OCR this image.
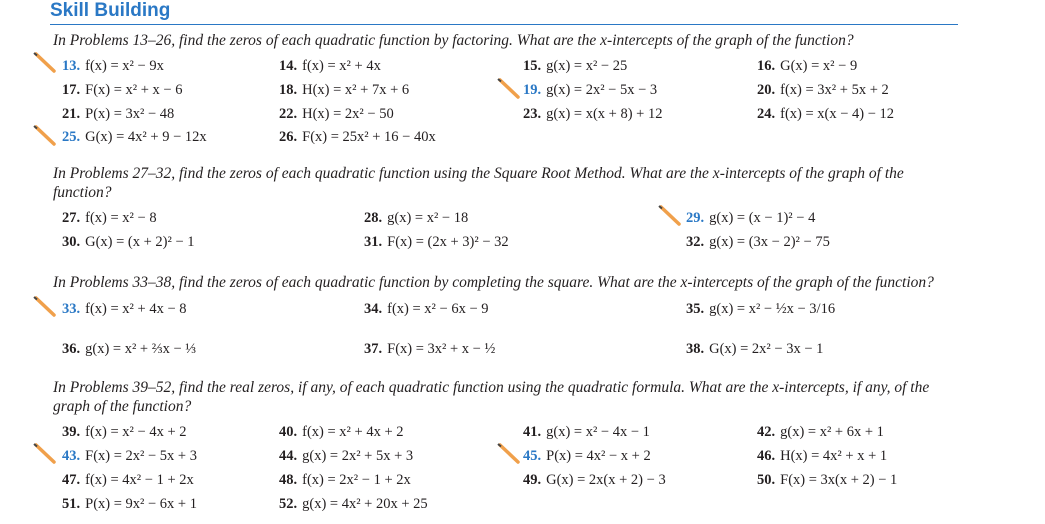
Skill Building
In Problems 13–26, find the zeros of each quadratic function by factoring. What are the x-intercepts of the graph of the function?
13. f(x) = x² − 9x	14. f(x) = x² + 4x	15. g(x) = x² − 25	16. G(x) = x² − 9
17. F(x) = x² + x − 6	18. H(x) = x² + 7x + 6	19. g(x) = 2x² − 5x − 3	20. f(x) = 3x² + 5x + 2
21. P(x) = 3x² − 48	22. H(x) = 2x² − 50	23. g(x) = x(x + 8) + 12	24. f(x) = x(x − 4) − 12
25. G(x) = 4x² + 9 − 12x	26. F(x) = 25x² + 16 − 40x
In Problems 27–32, find the zeros of each quadratic function using the Square Root Method. What are the x-intercepts of the graph of the function?
27. f(x) = x² − 8	28. g(x) = x² − 18	29. g(x) = (x − 1)² − 4
30. G(x) = (x + 2)² − 1	31. F(x) = (2x + 3)² − 32	32. g(x) = (3x − 2)² − 75
In Problems 33–38, find the zeros of each quadratic function by completing the square. What are the x-intercepts of the graph of the function?
33. f(x) = x² + 4x − 8	34. f(x) = x² − 6x − 9	35. g(x) = x² − ½x − 3/16
36. g(x) = x² + ⅔x − ⅓	37. F(x) = 3x² + x − ½	38. G(x) = 2x² − 3x − 1
In Problems 39–52, find the real zeros, if any, of each quadratic function using the quadratic formula. What are the x-intercepts, if any, of the graph of the function?
39. f(x) = x² − 4x + 2	40. f(x) = x² + 4x + 2	41. g(x) = x² − 4x − 1	42. g(x) = x² + 6x + 1
43. F(x) = 2x² − 5x + 3	44. g(x) = 2x² + 5x + 3	45. P(x) = 4x² − x + 2	46. H(x) = 4x² + x + 1
47. f(x) = 4x² − 1 + 2x	48. f(x) = 2x² − 1 + 2x	49. G(x) = 2x(x + 2) − 3	50. F(x) = 3x(x + 2) − 1
51. P(x) = 9x² − 6x + 1	52. g(x) = 4x² + 20x + 25
